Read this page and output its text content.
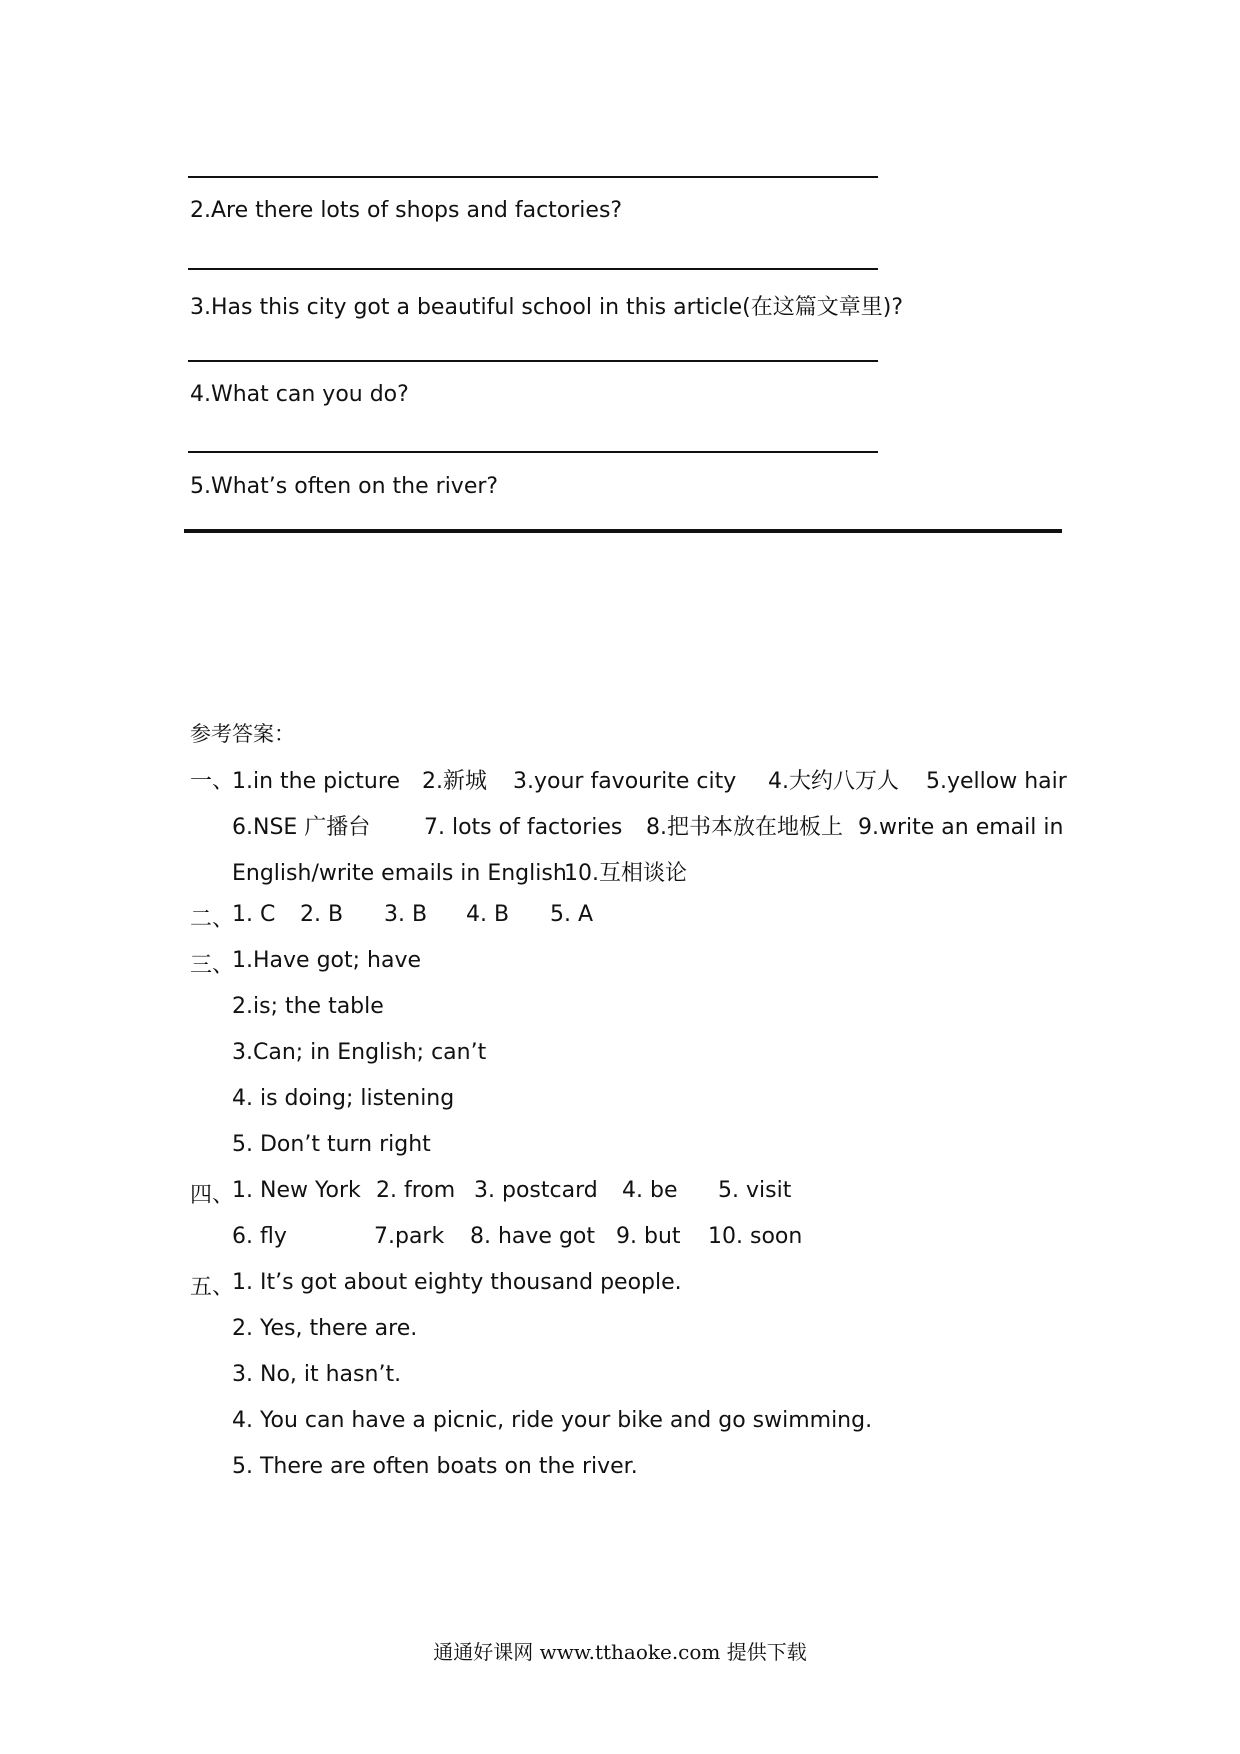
2.Are there lots of shops and factories?
3.Has this city got a beautiful school in this article(在这篇文章里)?
4.What can you do?
5.What’s often on the river?
参考答案：
一、
1.in the picture 2.新城 3.your favourite city 4.大约八万人 5.yellow hair
6.NSE 广播台 7. lots of factories 8.把书本放在地板上 9.write an email in
English/write emails in English10.互相谈论
二、
1. C 2. B 3. B 4. B 5. A
三、
1.Have got; have
2.is; the table
3.Can; in English; can’t
4. is doing; listening
5. Don’t turn right
四、
1. New York 2. from 3. postcard 4. be 5. visit
6. fly	7.park 8. have got 9. but 10. soon
五、
1. It’s got about eighty thousand people.
2. Yes, there are.
3. No, it hasn’t.
4. You can have a picnic, ride your bike and go swimming.
5. There are often boats on the river.
通通好课网 www.tthaoke.com 提供下载
